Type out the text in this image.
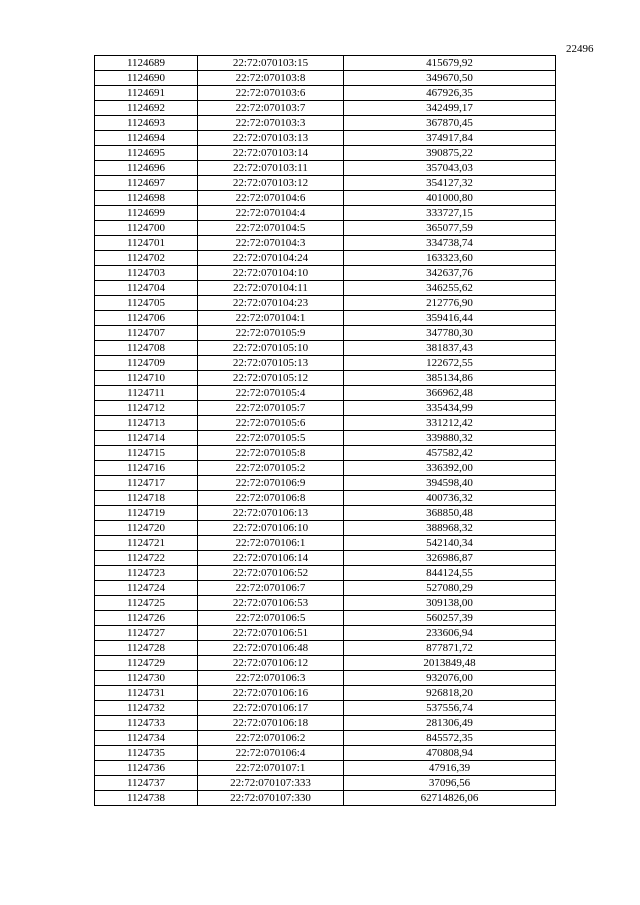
22496
1124689	22:72:070103:15	415679,92
1124690	22:72:070103:8	349670,50
1124691	22:72:070103:6	467926,35
1124692	22:72:070103:7	342499,17
1124693	22:72:070103:3	367870,45
1124694	22:72:070103:13	374917,84
1124695	22:72:070103:14	390875,22
1124696	22:72:070103:11	357043,03
1124697	22:72:070103:12	354127,32
1124698	22:72:070104:6	401000,80
1124699	22:72:070104:4	333727,15
1124700	22:72:070104:5	365077,59
1124701	22:72:070104:3	334738,74
1124702	22:72:070104:24	163323,60
1124703	22:72:070104:10	342637,76
1124704	22:72:070104:11	346255,62
1124705	22:72:070104:23	212776,90
1124706	22:72:070104:1	359416,44
1124707	22:72:070105:9	347780,30
1124708	22:72:070105:10	381837,43
1124709	22:72:070105:13	122672,55
1124710	22:72:070105:12	385134,86
1124711	22:72:070105:4	366962,48
1124712	22:72:070105:7	335434,99
1124713	22:72:070105:6	331212,42
1124714	22:72:070105:5	339880,32
1124715	22:72:070105:8	457582,42
1124716	22:72:070105:2	336392,00
1124717	22:72:070106:9	394598,40
1124718	22:72:070106:8	400736,32
1124719	22:72:070106:13	368850,48
1124720	22:72:070106:10	388968,32
1124721	22:72:070106:1	542140,34
1124722	22:72:070106:14	326986,87
1124723	22:72:070106:52	844124,55
1124724	22:72:070106:7	527080,29
1124725	22:72:070106:53	309138,00
1124726	22:72:070106:5	560257,39
1124727	22:72:070106:51	233606,94
1124728	22:72:070106:48	877871,72
1124729	22:72:070106:12	2013849,48
1124730	22:72:070106:3	932076,00
1124731	22:72:070106:16	926818,20
1124732	22:72:070106:17	537556,74
1124733	22:72:070106:18	281306,49
1124734	22:72:070106:2	845572,35
1124735	22:72:070106:4	470808,94
1124736	22:72:070107:1	47916,39
1124737	22:72:070107:333	37096,56
1124738	22:72:070107:330	62714826,06
